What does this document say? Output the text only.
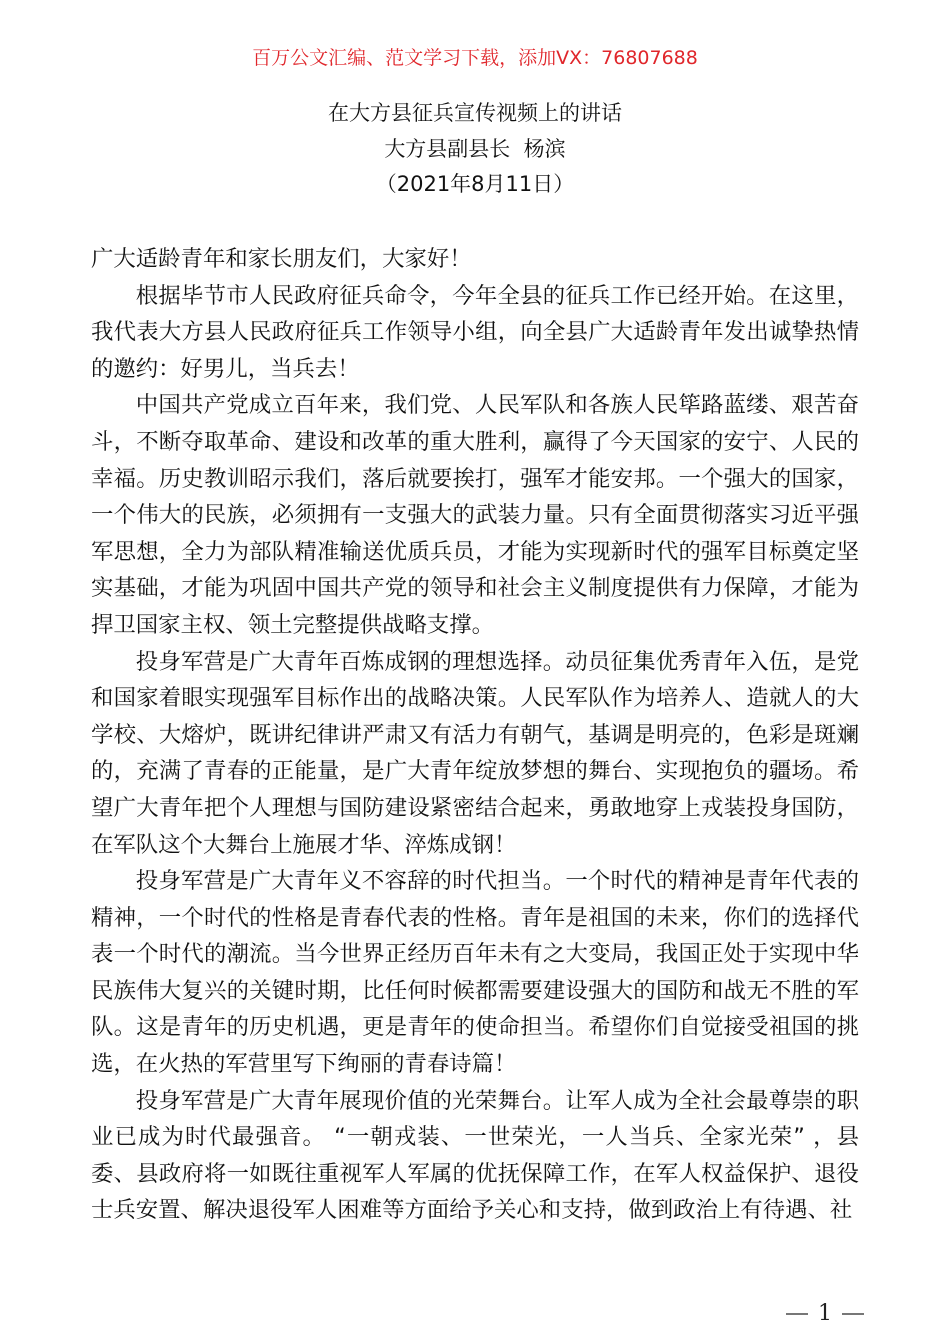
百万公文汇编、范文学习下载，添加VX：76807688
在大方县征兵宣传视频上的讲话
大方县副县长  杨滨
（2021年8月11日）

广大适龄青年和家长朋友们，大家好！

根据毕节市人民政府征兵命令，今年全县的征兵工作已经开始。在这里，我代表大方县人民政府征兵工作领导小组，向全县广大适龄青年发出诚挚热情的邀约：好男儿，当兵去！

中国共产党成立百年来，我们党、人民军队和各族人民筚路蓝缕、艰苦奋斗，不断夺取革命、建设和改革的重大胜利，赢得了今天国家的安宁、人民的幸福。历史教训昭示我们，落后就要挨打，强军才能安邦。一个强大的国家，一个伟大的民族，必须拥有一支强大的武装力量。只有全面贯彻落实习近平强军思想，全力为部队精准输送优质兵员，才能为实现新时代的强军目标奠定坚实基础，才能为巩固中国共产党的领导和社会主义制度提供有力保障，才能为捍卫国家主权、领土完整提供战略支撑。

投身军营是广大青年百炼成钢的理想选择。动员征集优秀青年入伍，是党和国家着眼实现强军目标作出的战略决策。人民军队作为培养人、造就人的大学校、大熔炉，既讲纪律讲严肃又有活力有朝气，基调是明亮的，色彩是斑斓的，充满了青春的正能量，是广大青年绽放梦想的舞台、实现抱负的疆场。希望广大青年把个人理想与国防建设紧密结合起来，勇敢地穿上戎装投身国防，在军队这个大舞台上施展才华、淬炼成钢！

投身军营是广大青年义不容辞的时代担当。一个时代的精神是青年代表的精神，一个时代的性格是青春代表的性格。青年是祖国的未来，你们的选择代表一个时代的潮流。当今世界正经历百年未有之大变局，我国正处于实现中华民族伟大复兴的关键时期，比任何时候都需要建设强大的国防和战无不胜的军队。这是青年的历史机遇，更是青年的使命担当。希望你们自觉接受祖国的挑选，在火热的军营里写下绚丽的青春诗篇！

投身军营是广大青年展现价值的光荣舞台。让军人成为全社会最尊崇的职业已成为时代最强音。 “一朝戎装、一世荣光，一人当兵、全家光荣” ，县委、县政府将一如既往重视军人军属的优抚保障工作，在军人权益保护、退役士兵安置、解决退役军人困难等方面给予关心和支持，做到政治上有待遇、社

1
